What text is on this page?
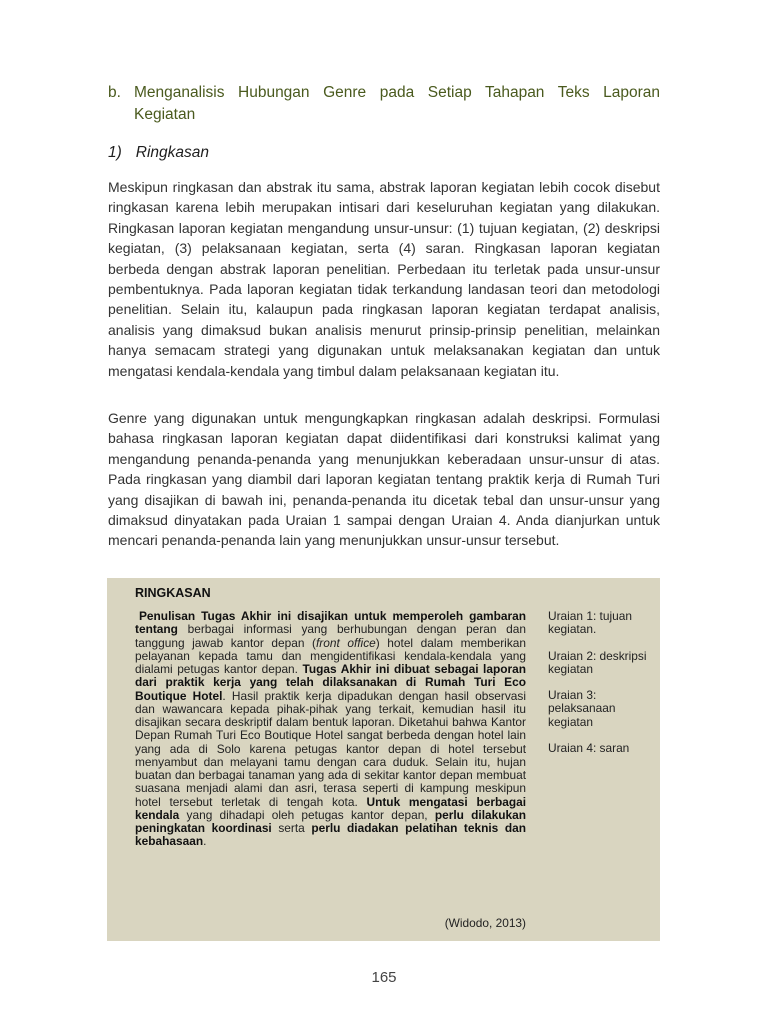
b. Menganalisis Hubungan Genre pada Setiap Tahapan Teks Laporan Kegiatan
1) Ringkasan
Meskipun ringkasan dan abstrak itu sama, abstrak laporan kegiatan lebih cocok disebut ringkasan karena lebih merupakan intisari dari keseluruhan kegiatan yang dilakukan. Ringkasan laporan kegiatan mengandung unsur-unsur: (1) tujuan kegiatan, (2) deskripsi kegiatan, (3) pelaksanaan kegiatan, serta (4) saran. Ringkasan laporan kegiatan berbeda dengan abstrak laporan penelitian. Perbedaan itu terletak pada unsur-unsur pembentuknya. Pada laporan kegiatan tidak terkandung landasan teori dan metodologi penelitian. Selain itu, kalaupun pada ringkasan laporan kegiatan terdapat analisis, analisis yang dimaksud bukan analisis menurut prinsip-prinsip penelitian, melainkan hanya semacam strategi yang digunakan untuk melaksanakan kegiatan dan untuk mengatasi kendala-kendala yang timbul dalam pelaksanaan kegiatan itu.
Genre yang digunakan untuk mengungkapkan ringkasan adalah deskripsi. Formulasi bahasa ringkasan laporan kegiatan dapat diidentifikasi dari konstruksi kalimat yang mengandung penanda-penanda yang menunjukkan keberadaan unsur-unsur di atas. Pada ringkasan yang diambil dari laporan kegiatan tentang praktik kerja di Rumah Turi yang disajikan di bawah ini, penanda-penanda itu dicetak tebal dan unsur-unsur yang dimaksud dinyatakan pada Uraian 1 sampai dengan Uraian 4. Anda dianjurkan untuk mencari penanda-penanda lain yang menunjukkan unsur-unsur tersebut.
RINGKASAN
Penulisan Tugas Akhir ini disajikan untuk memperoleh gambaran tentang berbagai informasi yang berhubungan dengan peran dan tanggung jawab kantor depan (front office) hotel dalam memberikan pelayanan kepada tamu dan mengidentifikasi kendala-kendala yang dialami petugas kantor depan. Tugas Akhir ini dibuat sebagai laporan dari praktik kerja yang telah dilaksanakan di Rumah Turi Eco Boutique Hotel. Hasil praktik kerja dipadukan dengan hasil observasi dan wawancara kepada pihak-pihak yang terkait, kemudian hasil itu disajikan secara deskriptif dalam bentuk laporan. Diketahui bahwa Kantor Depan Rumah Turi Eco Boutique Hotel sangat berbeda dengan hotel lain yang ada di Solo karena petugas kantor depan di hotel tersebut menyambut dan melayani tamu dengan cara duduk. Selain itu, hujan buatan dan berbagai tanaman yang ada di sekitar kantor depan membuat suasana menjadi alami dan asri, terasa seperti di kampung meskipun hotel tersebut terletak di tengah kota. Untuk mengatasi berbagai kendala yang dihadapi oleh petugas kantor depan, perlu dilakukan peningkatan koordinasi serta perlu diadakan pelatihan teknis dan kebahasaan.
Uraian 1: tujuan kegiatan.
Uraian 2: deskripsi kegiatan
Uraian 3: pelaksanaan kegiatan
Uraian 4: saran
(Widodo, 2013)
165
